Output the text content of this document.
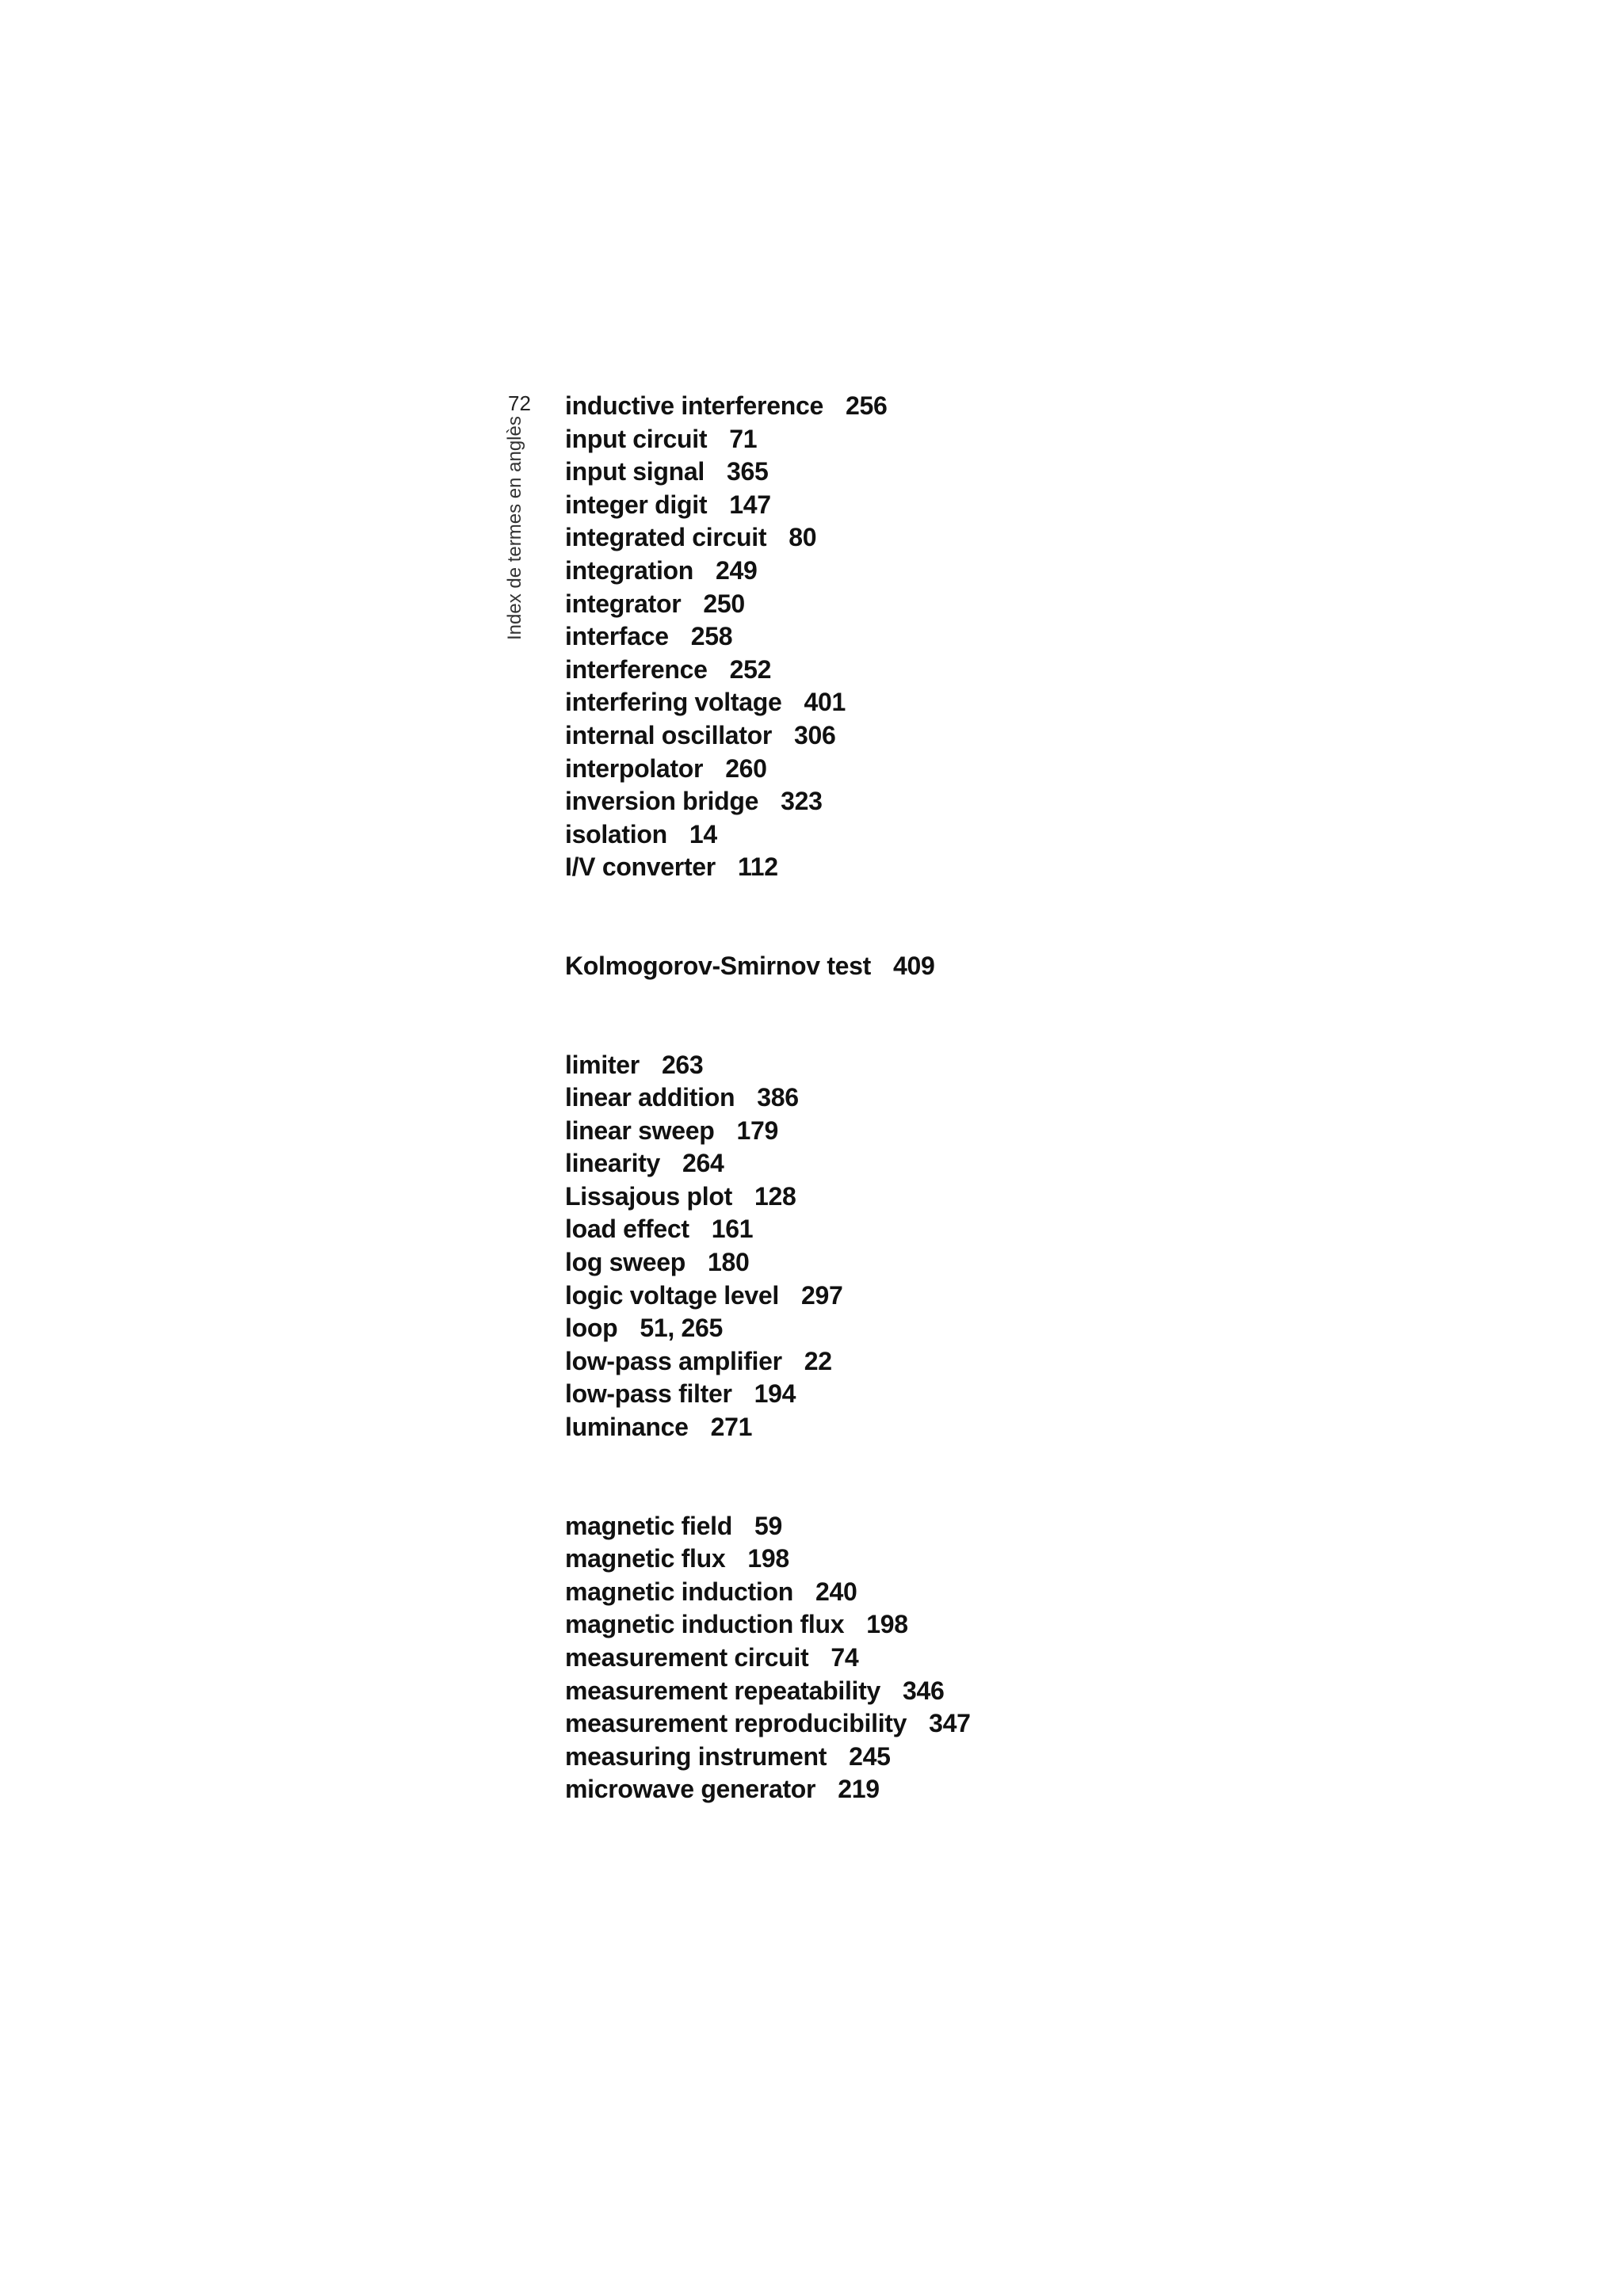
72
Index de termes en anglès
inductive interference 256
input circuit 71
input signal 365
integer digit 147
integrated circuit 80
integration 249
integrator 250
interface 258
interference 252
interfering voltage 401
internal oscillator 306
interpolator 260
inversion bridge 323
isolation 14
I/V converter 112
Kolmogorov-Smirnov test 409
limiter 263
linear addition 386
linear sweep 179
linearity 264
Lissajous plot 128
load effect 161
log sweep 180
logic voltage level 297
loop 51, 265
low-pass amplifier 22
low-pass filter 194
luminance 271
magnetic field 59
magnetic flux 198
magnetic induction 240
magnetic induction flux 198
measurement circuit 74
measurement repeatability 346
measurement reproducibility 347
measuring instrument 245
microwave generator 219
